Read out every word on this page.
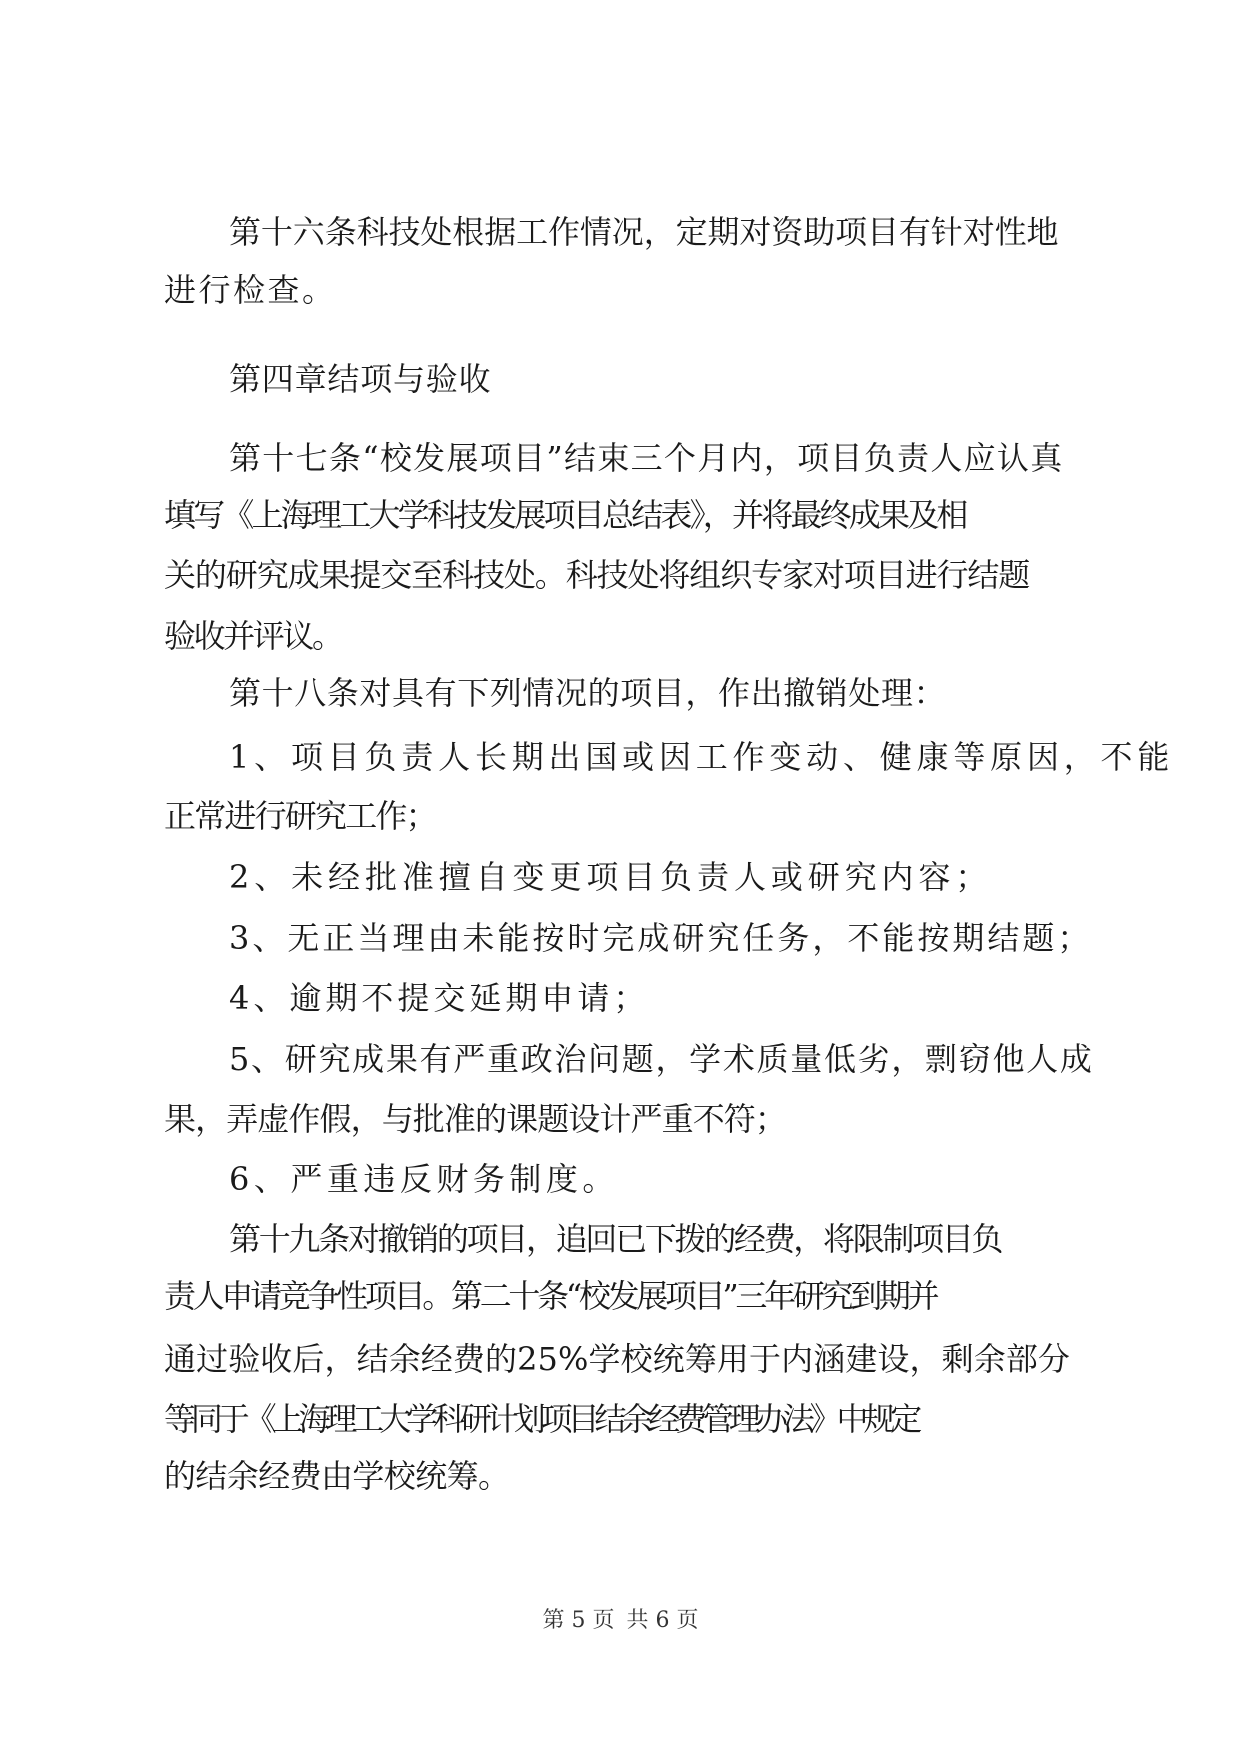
第十六条科技处根据工作情况，定期对资助项目有针对性地

进行检查。

第四章结项与验收

第十七条“校发展项目”结束三个月内，项目负责人应认真

填写《上海理工大学科技发展项目总结表》，并将最终成果及相

关的研究成果提交至科技处。科技处将组织专家对项目进行结题

验收并评议。

第十八条对具有下列情况的项目，作出撤销处理：

1、项目负责人长期出国或因工作变动、健康等原因，不能

正常进行研究工作；

2、未经批准擅自变更项目负责人或研究内容；

3、无正当理由未能按时完成研究任务，不能按期结题；

4、逾期不提交延期申请；

5、研究成果有严重政治问题，学术质量低劣，剽窃他人成

果，弄虚作假，与批准的课题设计严重不符；

6、严重违反财务制度。

第十九条对撤销的项目，追回已下拨的经费，将限制项目负

责人申请竞争性项目。第二十条“校发展项目”三年研究到期并

通过验收后，结余经费的25%学校统筹用于内涵建设，剩余部分

等同于《上海理工大学科研计划项目结余经费管理办法》中规定

的结余经费由学校统筹。

第 5 页 共 6 页
